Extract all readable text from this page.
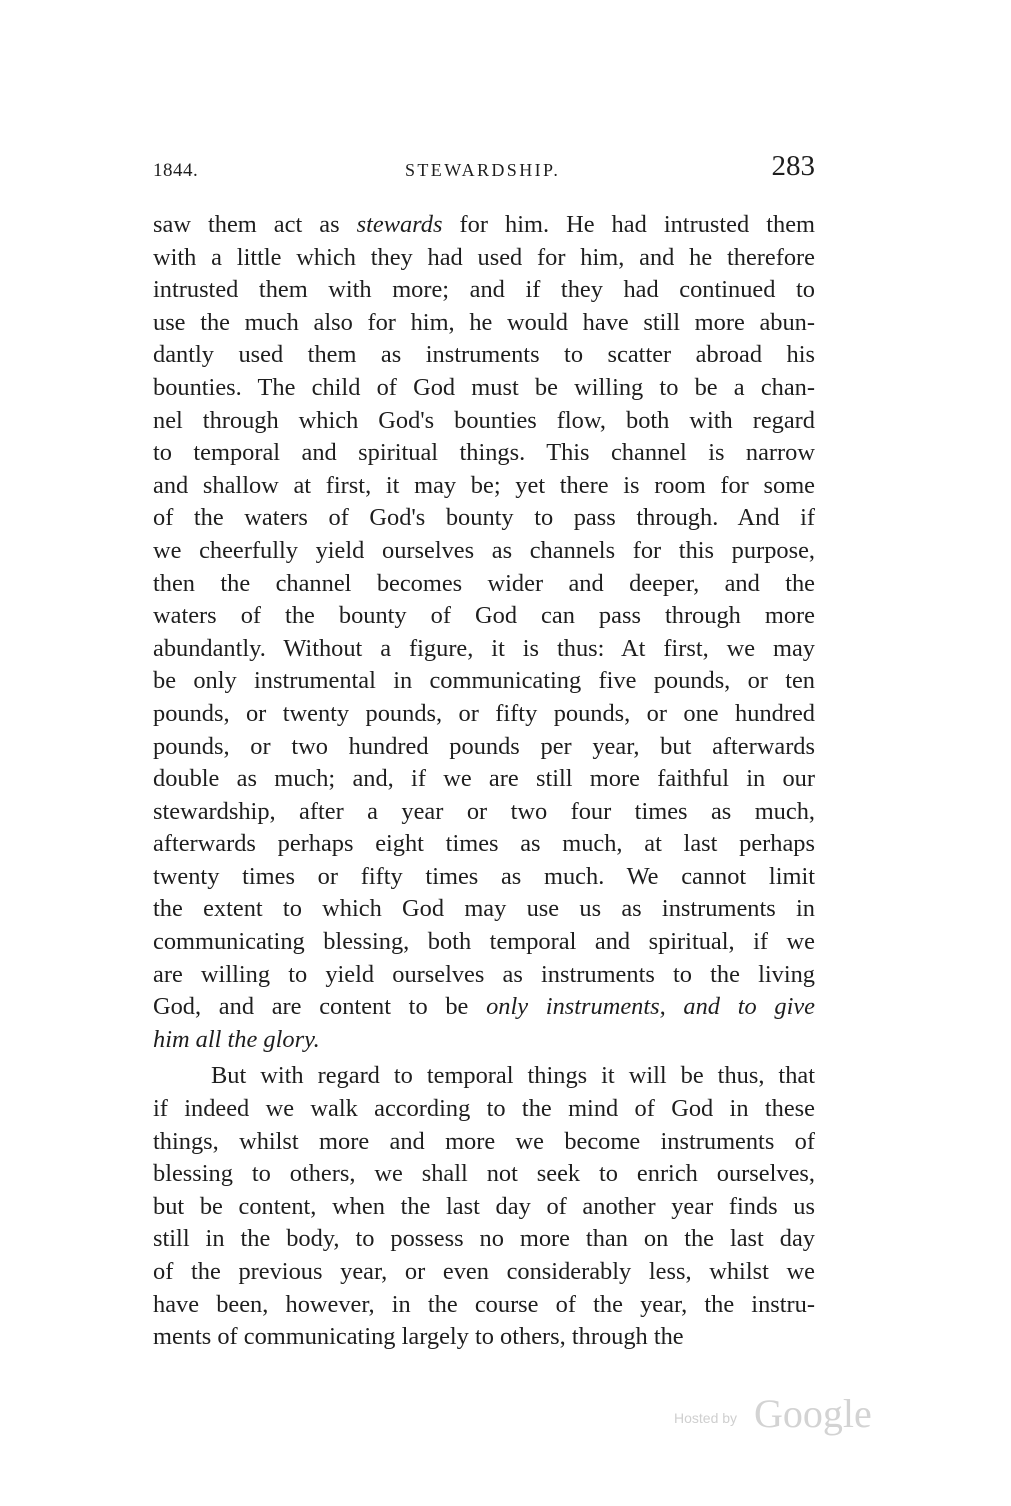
1844.	STEWARDSHIP.	283
saw them act as stewards for him. He had intrusted them
with a little which they had used for him, and he therefore
intrusted them with more; and if they had continued to
use the much also for him, he would have still more abun-
dantly used them as instruments to scatter abroad his
bounties. The child of God must be willing to be a chan-
nel through which God's bounties flow, both with regard
to temporal and spiritual things. This channel is narrow
and shallow at first, it may be; yet there is room for some
of the waters of God's bounty to pass through. And if
we cheerfully yield ourselves as channels for this purpose,
then the channel becomes wider and deeper, and the
waters of the bounty of God can pass through more
abundantly. Without a figure, it is thus: At first, we may
be only instrumental in communicating five pounds, or ten
pounds, or twenty pounds, or fifty pounds, or one hundred
pounds, or two hundred pounds per year, but afterwards
double as much; and, if we are still more faithful in our
stewardship, after a year or two four times as much,
afterwards perhaps eight times as much, at last perhaps
twenty times or fifty times as much. We cannot limit
the extent to which God may use us as instruments in
communicating blessing, both temporal and spiritual, if we
are willing to yield ourselves as instruments to the living
God, and are content to be only instruments, and to give
him all the glory.
But with regard to temporal things it will be thus, that
if indeed we walk according to the mind of God in these
things, whilst more and more we become instruments of
blessing to others, we shall not seek to enrich ourselves,
but be content, when the last day of another year finds us
still in the body, to possess no more than on the last day
of the previous year, or even considerably less, whilst we
have been, however, in the course of the year, the instru-
ments of communicating largely to others, through the
Hosted by Google
